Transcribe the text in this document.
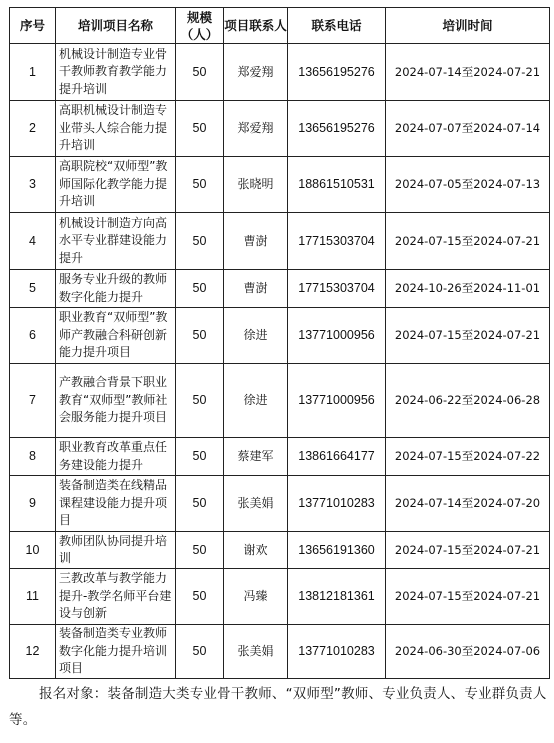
序号	培训项目名称	规模（人）	项目联系人	联系电话	培训时间
1	机械设计制造专业骨干教师教育教学能力提升培训	50	郑爱翔	13656195276	2024-07-14至2024-07-21
2	高职机械设计制造专业带头人综合能力提升培训	50	郑爱翔	13656195276	2024-07-07至2024-07-14
3	高职院校“双师型”教师国际化教学能力提升培训	50	张晓明	18861510531	2024-07-05至2024-07-13
4	机械设计制造方向高水平专业群建设能力提升	50	曹澍	17715303704	2024-07-15至2024-07-21
5	服务专业升级的教师数字化能力提升	50	曹澍	17715303704	2024-10-26至2024-11-01
6	职业教育“双师型”教师产教融合科研创新能力提升项目	50	徐进	13771000956	2024-07-15至2024-07-21
7	产教融合背景下职业教育“双师型”教师社会服务能力提升项目	50	徐进	13771000956	2024-06-22至2024-06-28
8	职业教育改革重点任务建设能力提升	50	蔡建军	13861664177	2024-07-15至2024-07-22
9	装备制造类在线精品课程建设能力提升项目	50	张美娟	13771010283	2024-07-14至2024-07-20
10	教师团队协同提升培训	50	谢欢	13656191360	2024-07-15至2024-07-21
11	三教改革与教学能力提升-教学名师平台建设与创新	50	冯臻	13812181361	2024-07-15至2024-07-21
12	装备制造类专业教师数字化能力提升培训项目	50	张美娟	13771010283	2024-06-30至2024-07-06
报名对象：装备制造大类专业骨干教师、“双师型”教师、专业负责人、专业群负责人等。
